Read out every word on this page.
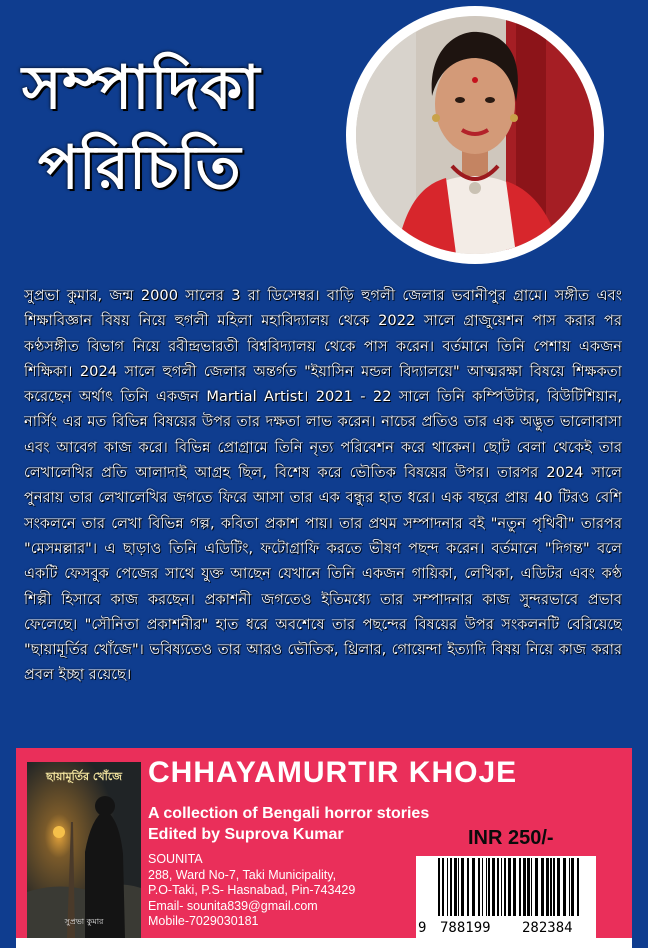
সম্পাদিকা
পরিচিতি
সুপ্রভা কুমার, জন্ম 2000 সালের 3 রা ডিসেম্বর। বাড়ি হুগলী জেলার ভবানীপুর গ্রামে। সঙ্গীত এবং শিক্ষাবিজ্ঞান বিষয় নিয়ে হুগলী মহিলা মহাবিদ্যালয় থেকে 2022 সালে গ্রাজুয়েশন পাস করার পর কণ্ঠসঙ্গীত বিভাগ নিয়ে রবীন্দ্রভারতী বিশ্ববিদ্যালয় থেকে পাস করেন। বর্তমানে তিনি পেশায় একজন শিক্ষিকা। 2024 সালে হুগলী জেলার অন্তর্গত "ইয়াসিন মন্ডল বিদ্যালয়ে" আত্মরক্ষা বিষয়ে শিক্ষকতা করেছেন অর্থাৎ তিনি একজন Martial Artist। 2021 - 22 সালে তিনি কম্পিউটার, বিউটিশিয়ান, নার্সিং এর মত বিভিন্ন বিষয়ের উপর তার দক্ষতা লাভ করেন। নাচের প্রতিও তার এক অদ্ভুত ভালোবাসা এবং আবেগ কাজ করে। বিভিন্ন প্রোগ্রামে তিনি নৃত্য পরিবেশন করে থাকেন। ছোট বেলা থেকেই তার লেখালেখির প্রতি আলাদাই আগ্রহ ছিল, বিশেষ করে ভৌতিক বিষয়ের উপর। তারপর 2024 সালে পুনরায় তার লেখালেখির জগতে ফিরে আসা তার এক বন্ধুর হাত ধরে। এক বছরে প্রায় 40 টিরও বেশি সংকলনে তার লেখা বিভিন্ন গল্প, কবিতা প্রকাশ পায়। তার প্রথম সম্পাদনার বই "নতুন পৃথিবী" তারপর "মেসমল্লার"। এ ছাড়াও তিনি এডিটিং, ফটোগ্রাফি করতে ভীষণ পছন্দ করেন। বর্তমানে "দিগন্ত" বলে একটি ফেসবুক পেজের সাথে যুক্ত আছেন যেখানে তিনি একজন গায়িকা, লেখিকা, এডিটর এবং কণ্ঠ শিল্পী হিসাবে কাজ করছেন। প্রকাশনী জগতেও ইতিমধ্যে তার সম্পাদনার কাজ সুন্দরভাবে প্রভাব ফেলেছে। "সৌনিতা প্রকাশনীর" হাত ধরে অবশেষে তার পছন্দের বিষয়ের উপর সংকলনটি বেরিয়েছে "ছায়ামূর্তির খোঁজে"। ভবিষ্যতেও তার আরও ভৌতিক, থ্রিলার, গোয়েন্দা ইত্যাদি বিষয় নিয়ে কাজ করার প্রবল ইচ্ছা রয়েছে।
ছায়ামূর্তির খোঁজে
সুপ্রভা কুমার
CHHAYAMURTIR KHOJE
A collection of Bengali horror stories
Edited by Suprova Kumar	INR 250/-
SOUNITA
288, Ward No-7, Taki Municipality,
P.O-Taki, P.S- Hasnabad, Pin-743429
Email- sounita839@gmail.com
Mobile-7029030181	9 788199 282384
